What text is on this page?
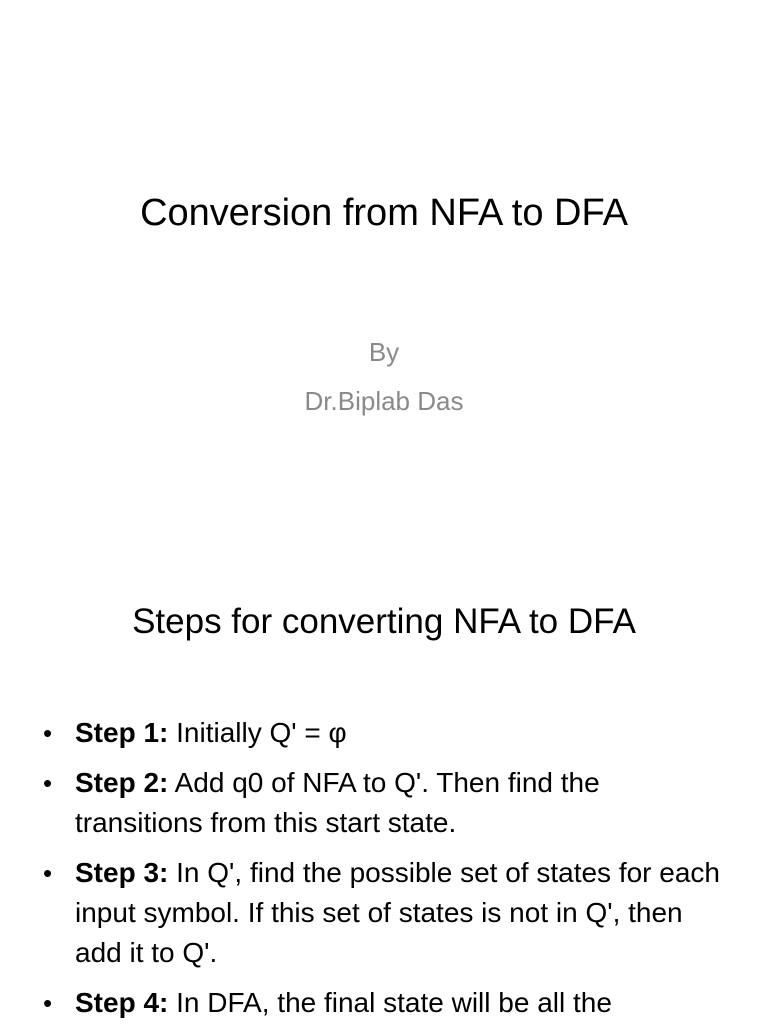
Conversion from NFA to DFA
By
Dr.Biplab Das
Steps for converting NFA to DFA
• Step 1: Initially Q' = φ
• Step 2: Add q0 of NFA to Q'. Then find the transitions from this start state.
• Step 3: In Q', find the possible set of states for each input symbol. If this set of states is not in Q', then add it to Q'.
• Step 4: In DFA, the final state will be all the
